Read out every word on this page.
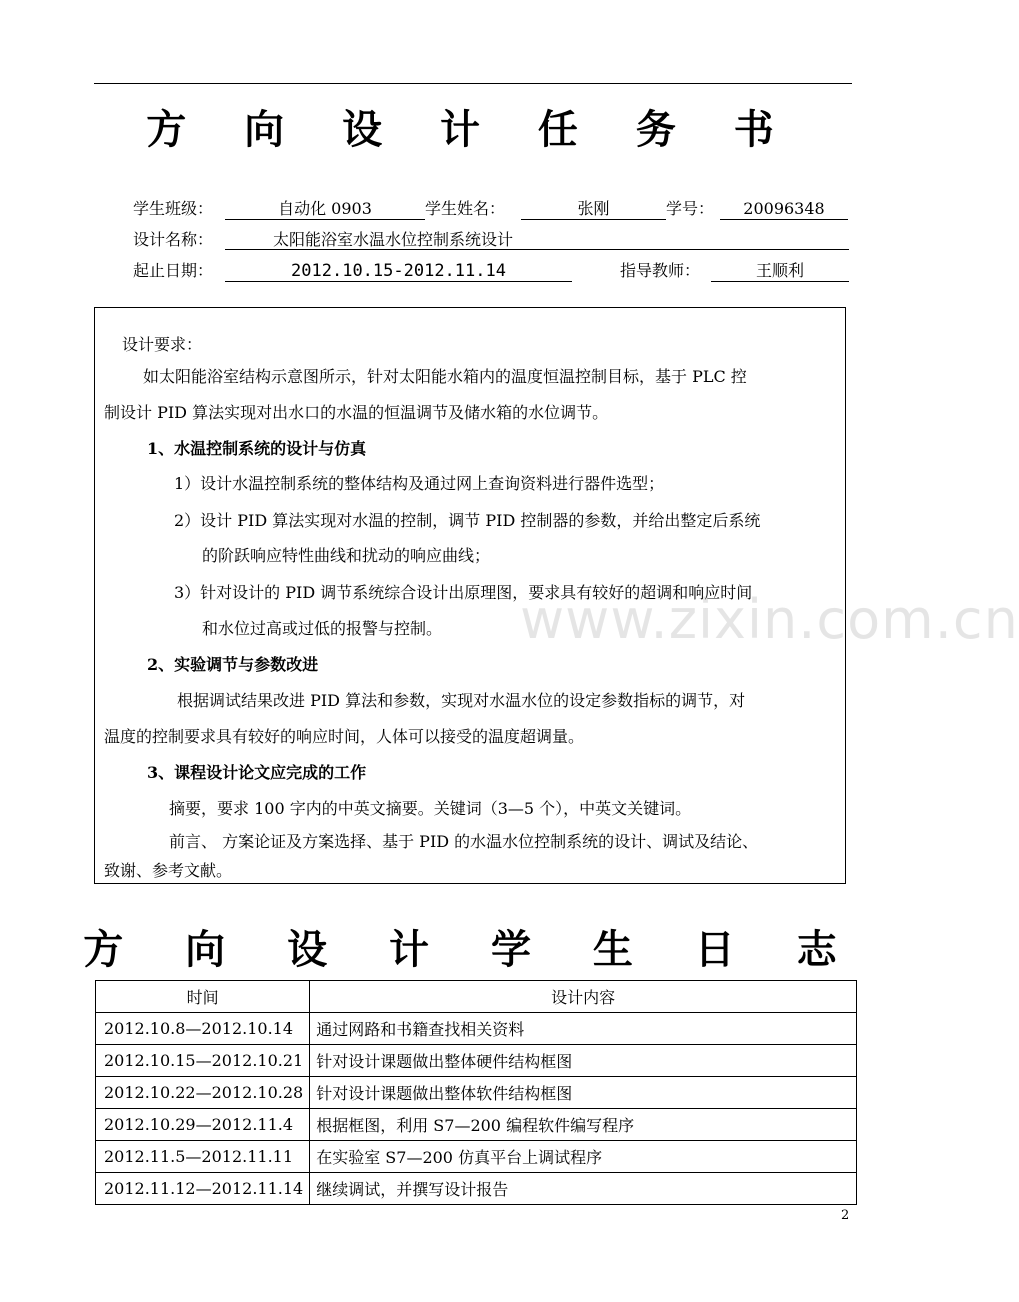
方 向 设 计 任 务 书
学生班级：	自动化 0903	学生姓名：	张刚	学号：	20096348
设计名称：	太阳能浴室水温水位控制系统设计
起止日期：	2012.10.15-2012.11.14	指导教师：	王顺利

设计要求：

如太阳能浴室结构示意图所示，针对太阳能水箱内的温度恒温控制目标，基于 PLC 控

制设计 PID 算法实现对出水口的水温的恒温调节及储水箱的水位调节。

1、水温控制系统的设计与仿真

1）设计水温控制系统的整体结构及通过网上查询资料进行器件选型；

2）设计 PID 算法实现对水温的控制，调节 PID 控制器的参数，并给出整定后系统

的阶跃响应特性曲线和扰动的响应曲线；

3）针对设计的 PID 调节系统综合设计出原理图，要求具有较好的超调和响应时间

和水位过高或过低的报警与控制。

2、实验调节与参数改进

根据调试结果改进 PID 算法和参数，实现对水温水位的设定参数指标的调节，对

温度的控制要求具有较好的响应时间，人体可以接受的温度超调量。

3、课程设计论文应完成的工作

摘要，要求 100 字内的中英文摘要。关键词（3—5 个），中英文关键词。

前言、 方案论证及方案选择、基于 PID 的水温水位控制系统的设计、调试及结论、

致谢、参考文献。

www.zixin.com.cn
方 向 设 计 学 生 日 志
时间	设计内容
2012.10.8—2012.10.14	通过网路和书籍查找相关资料
2012.10.15—2012.10.21	针对设计课题做出整体硬件结构框图
2012.10.22—2012.10.28	针对设计课题做出整体软件结构框图
2012.10.29—2012.11.4	根据框图，利用 S7—200 编程软件编写程序
2012.11.5—2012.11.11	在实验室 S7—200 仿真平台上调试程序
2012.11.12—2012.11.14	继续调试，并撰写设计报告
2
